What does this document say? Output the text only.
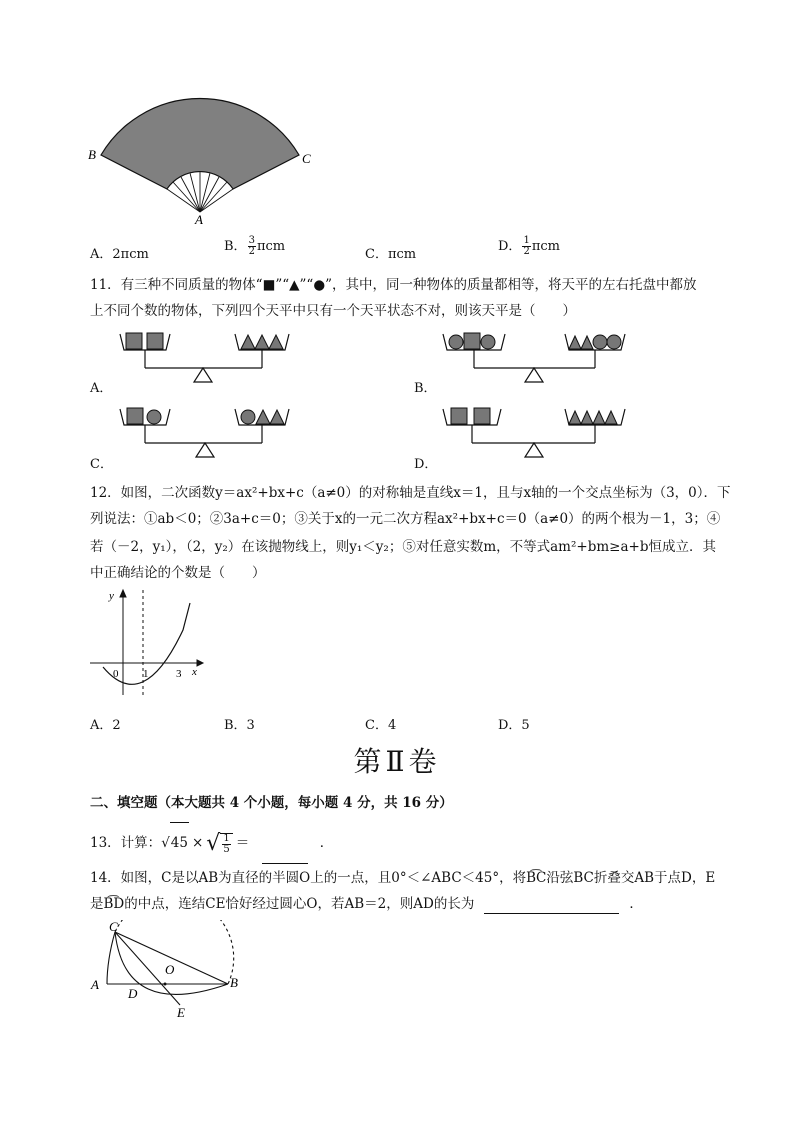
B	C
A
A．2πcm
B． $\frac{3}{2}$ πcm
C．πcm
D． $\frac{1}{2}$ πcm
11．有三种不同质量的物体“■”“▲”“●”，其中，同一种物体的质量都相等，将天平的左右托盘中都放
上不同个数的物体，下列四个天平中只有一个天平状态不对，则该天平是（　　）
A．	B．
C．	D．
12．如图，二次函数y＝ax²+bx+c（a≠0）的对称轴是直线x＝1，且与x轴的一个交点坐标为（3，0）．下
列说法：①ab＜0；②3a+c＝0；③关于x的一元二次方程ax²+bx+c＝0（a≠0）的两个根为－1，3；④
若（－2，y₁），（2，y₂）在该抛物线上，则y₁＜y₂；⑤对任意实数m，不等式am²+bm≥a+b恒成立．其
中正确结论的个数是（　　）
y
x
0 1	3
A．2	B．3	C．4	D．5
第Ⅱ卷
二、填空题（本大题共 4 个小题，每小题 4 分，共 16 分）
13．计算：√45 × √ $\frac{1}{5}$ ＝	．
14．如图，C是以AB为直径的半圆O上的一点，且0°＜∠ABC＜45°，将B͡C沿弦BC折叠交AB于点D，E
是B͡D的中点，连结CE恰好经过圆心O，若AB＝2，则AD的长为	．
C
O
A
D
B
E
